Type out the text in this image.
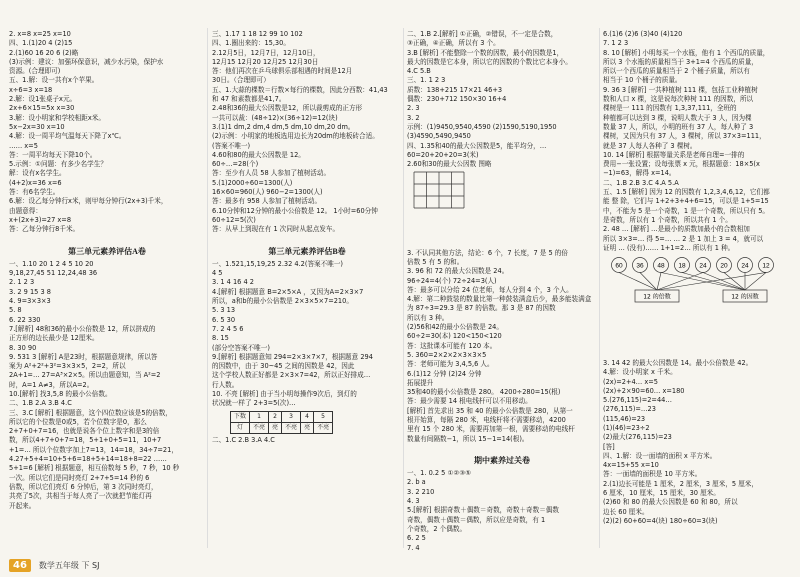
2. x=8 x=25 x=10
四、1.(1)20 4 (2)15
2.(1)60 16 20 6 (2)略
(3)示例：建议：加强环保意识，减少水污染，保护水
资源。(合理即可)
五、1.解：设一共有x个苹果。
x÷6=3 x=18
2.解：设1张桌子x元。
2x+6×15=5x x=30
3.解：设小明家和学校相距x米。
5x−2x=30 x=10
4.解：设一周平均气温每天下降了x℃。
…… x=5
答：一周平均每天下降10个。
5.示例：①问题：有多少名学生？
解：设有x名学生。
(4+2)x=36 x=6
答：有6名学生。
6.解：设乙每分钟行x米，则甲每分钟行(2x+3)千米，
由题意得：
x+(2x+3)=27 x=8
答：乙每分钟行8千米。

第三单元素养评估A卷
一、1.10 20 1 2 4 5 10 20
9,18,27,45 51 12,24,48 36
2. 1 2 3
3. 2 9 15 3 8
4. 9=3×3×3
5. 8
6. 22 330
7.[解析] 48和36的最小公倍数是 12，所以拼成的
正方形的边长最少是 12厘米。
8. 30 90
9. 531 3 [解析] A是23时，根据题意规律，所以答
案为 A²+2²+3²=3×3×5，2=2，所以
2A+1=… 27=A³×2×5。所以由题意知，当 A²=2
时，A=1 A≠3，所以A=2。
10.[解析] 找3,5,8 的最小公倍数。
二、1.B 2.A 3.B 4.C
三、3.C [解析] 根据题意，这个四位数应该是5的倍数，
所以它的个位数是0或5，若个位数字是0，那么
2+7+0+7=16，也就是说各个位上数字和是3的倍
数，所以4+7+0+7=18，5+1+0+5=11，10+7
+1=… 所以个位数字加上7=13，14=18，34÷7=21，
4.27+5+4=10+5+6=18+5+14=18+8=22 ……
5+1=6 [解析] 根据题意，相互倍数每 5 秒，7 秒，10 秒
一次。所以它们是同时亮灯 2+7+5=14 秒的 6
倍数，所以它们亮灯 6 分钟后，第 3 次同时亮灯，
共亮了5次，共相当于每人亮了一次就把节能灯再
开起来。
三、1.17 1 18 12 99 10 102
四、1.圈出来的：15,30。
2.12月5日，12月7日，12月10日，
12月15 12月20 12月25 12月30日
答：他们再次在乒乓球俱乐部相遇的时间是12月
30日。（合理即可）
五、1.大蒜的棵数＝行数×每行的棵数，因此分西数：41,43
和 47 和素数都是41,7。
2.48和36的最大公因数是12，所以裁剪成的正方形
一共可以裁：(48÷12)×(36÷12)=12(块)
3.(1)1 dm,2 dm,4 dm,5 dm,10 dm,20 dm。
(2)示例：小明家的地板选用边长为20dm的地板砖合适。
(答案不唯一)
4.60和80的最大公因数是 12。
60÷…=28(个)
答：至少有人员 58 人参加了植树活动。
5.(1)2000÷60=1300(人)
16×60=960(人) 960−2=1300(人)
答：最多有 958 人参加了植树活动。
6.10分钟和12分钟的最小公倍数是 12。 1小时=60分钟
60÷12=5(次)
答：从早上到现在有 1 次同时从起点发车。

第三单元素养评估B卷
一、1.521,15,19,25 2.32 4.2(答案不唯一)
4 5
3. 1 4 16 4 2
4.[解析] 根据题意 B=2×5×A ，又因为A=2×3×7
所以，a和b的最小公倍数是 2×3×5×7=210。
5. 3 13
6. 5 30
7. 2 4 5 6
8. 15
(部分空答案不唯一)
9.[解析] 根据题意知 294=2×3×7×7，根据题意 294
的因数中，由于 30~45 之间的因数是 42，因此
这个学校人数正好都是 2×3×7=42，所以正好排成…
行人数。
10. 不亮 [解析] 由于当小明每操作9次后，到灯的
状况就一样了 2+3=5(次)…
下数	1	2	3	4	5
灯	不亮	亮	不亮	亮	不亮
二、1.C 2.B 3.A 4.C
二、1.B 2.[解析] ①正确，②错误，不一定是合数，
③正确，④正确，所以有 3 个。
3.B [解析] 不能整除一个数的因数，最小的因数是1，
最大的因数是它本身，所以它的因数的个数比它本身小。
4.C 5.B
三、1. 1 2 3
质数：138+215 17×21 46+3
偶数：230+712 150×30 16+4
2. 3
3. 2
示例：(1)9450,9540,4590 (2)1590,5190,1950
(3)4590,5490,9450
四、1.35和40的最大公因数是5，能平均分，…
60=20+20+20=3(米)
2.60和30的最大公因数 图略

3. 不认同其他方法，结论：6 个，7 长度，7 是 5 的倍
倍数 5 有 5 的和。
3. 96 和 72 的最大公因数是 24。
96÷24=4(个) 72÷24=3(人)
答：最多可以分给 24 位老师，每人分到 4 个，3 个人。
4.解：第二种鼓装的数量比第一种鼓装满盒后少，最多能装满盒
为 87÷3=29.3 是 87 的倍数。那 3 是 87 的因数
所以有 3 种。
(2)56和42的最小公倍数是 24。
60÷2=30(本) 120<150<120
答：这批课本可能有 120 本。
5. 360=2×2×2×3×3×5
答：老师可能为 3,4,5,6 人。
6.(1)12 分钟 (2)24 分钟
拓展提升
35和40的最小公倍数是 280。 4200÷280=15(根)
答：最少需要 14 根电线杆可以不用移动。
[解析] 首先求出 35 和 40 的最小公倍数是 280，从第一
根开始算，每隔 280 米，电线杆将不需要移动，4200
里有 15 个 280 米，需要再加第一根，需要移动的电线杆
数量有间隔数−1，所以 15−1=14(根)。

期中素养过关卷
一、1. 0.2 5 ①②③⑤
2. b a
3. 2 210
4. 3
5.[解析] 根据奇数＋偶数＝奇数，奇数＋奇数＝偶数
奇数，偶数＋偶数＝偶数，所以应是奇数，有 1
个奇数，2 个偶数。
6. 2 5
7. 4
6.(1)6 (2)6 (3)40 (4)120
7. 1 2 3
8. 10 [解析] 小明每买一个水瓶，他有 1 个西瓜的质量，
所以 3 个水瓶的质量相当于 3+1=4 个西瓜的质量，
所以一个西瓜的质量相当于 2 个桶子质量，所以有
相当于 10 个桶子的质量。
9. 36 3 [解析] 一共种植树 111 棵，包括工业种植树
数和人口 x 棵，这是说每次种树 111 的因数，所以
棵树是一 111 的因数有 1,3,37,111，全班的
种植都可以达到 3 棵，说明人数大于 3 人，因为棵
数量 37 人，所以，小明的班有 37 人，每人种了 3
棵树，又因为只有 37 人，3 棵树，所以 37×3=111，
就是 37 人每人各种了 3 棵树。
10. 14 [解析] 根据等量关系是老师自理=一排的
费用−一张设置；设每张票 x 元，根据题意：18×5(x
−1)=63，解得 x=14。
二、1.B 2.B 3.C 4.A 5.A
五、1.5 [解析] 因为 12 的因数有 1,2,3,4,6,12，它们都
能 整 除，它们与 1+2+3+4+6=15，可以是 1+5=15
中，不能为 5 是一个奇数，1 是一个奇数，所以只有 5。
是奇数，所以有 1 个奇数，所以共有 1 个。
2. 48 … [解析] …是最小的质数加最小的合数相加
所以 3×3=… 得 5=… … 2 是 1 加上 3 = 4，就可以
证明 … (没有)…… 1+1=2… 所以有 1 种。
60 36 48 18 24 20 24 12
12 的倍数	12 的因数

3. 14 42 的最大公因数是 14。最小公倍数是 42。
4.解：设小明家 x 千米。
(2x)=2+4… x=5
(2x)+2×90=60… x=180
5.(276,115)=2=44…
(276,115)=…23
(115,46)=23
(1)(46)=23÷2
(2)最大(276,115)=23
[答]
四、1.解：设一面墙的面积 x 平方米。
4x=15+55 x=10
答：一面墙的面积是 10 平方米。
2.(1)边长可能是 1 厘米，2 厘米，3 厘米，5 厘米，
6 厘米，10 厘米，15 厘米，30 厘米。
(2)60 和 80 的最大公因数是 60 和 80，所以
边长 60 厘米。
(2)(2) 60+60=4(块) 180÷60=3(块)
46	数学五年级 下 SJ
